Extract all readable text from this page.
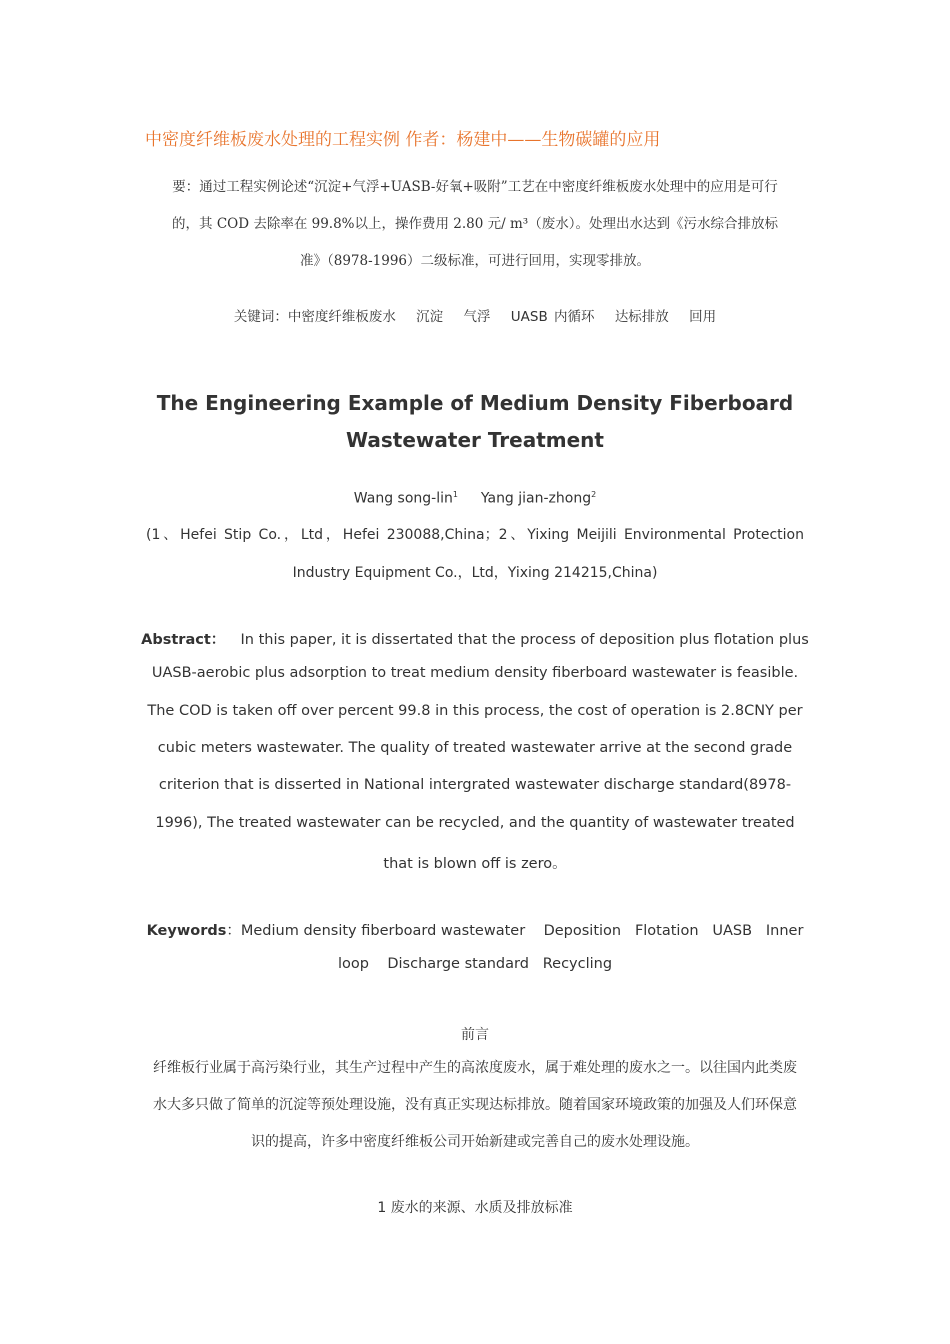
中密度纤维板废水处理的工程实例 作者：杨建中——生物碳罐的应用
要：通过工程实例论述“沉淀+气浮+UASB-好氧+吸附”工艺在中密度纤维板废水处理中的应用是可行
的，其 COD 去除率在 99.8%以上，操作费用 2.80 元/ m³（废水）。处理出水达到《污水综合排放标
准》（8978-1996）二级标准，可进行回用，实现零排放。
关键词：中密度纤维板废水 沉淀 气浮 UASB 内循环 达标排放 回用
The Engineering Example of Medium Density Fiberboard
Wastewater Treatment
Wang song-lin$^1$ Yang jian-zhong$^2$
(1、Hefei Stip Co.，Ltd，Hefei 230088,China；2、Yixing Meijili Environmental Protection
Industry Equipment Co.，Ltd，Yixing 214215,China)
Abstract： In this paper, it is dissertated that the process of deposition plus flotation plus
UASB-aerobic plus adsorption to treat medium density fiberboard wastewater is feasible.
The COD is taken off over percent 99.8 in this process, the cost of operation is 2.8CNY per
cubic meters wastewater. The quality of treated wastewater arrive at the second grade
criterion that is disserted in National intergrated wastewater discharge standard(8978-
1996), The treated wastewater can be recycled, and the quantity of wastewater treated
that is blown off is zero。
Keywords：Medium density fiberboard wastewater    Deposition   Flotation   UASB   Inner
loop    Discharge standard   Recycling
前言
纤维板行业属于高污染行业，其生产过程中产生的高浓度废水，属于难处理的废水之一。以往国内此类废
水大多只做了简单的沉淀等预处理设施，没有真正实现达标排放。随着国家环境政策的加强及人们环保意
识的提高，许多中密度纤维板公司开始新建或完善自己的废水处理设施。
1 废水的来源、水质及排放标准
